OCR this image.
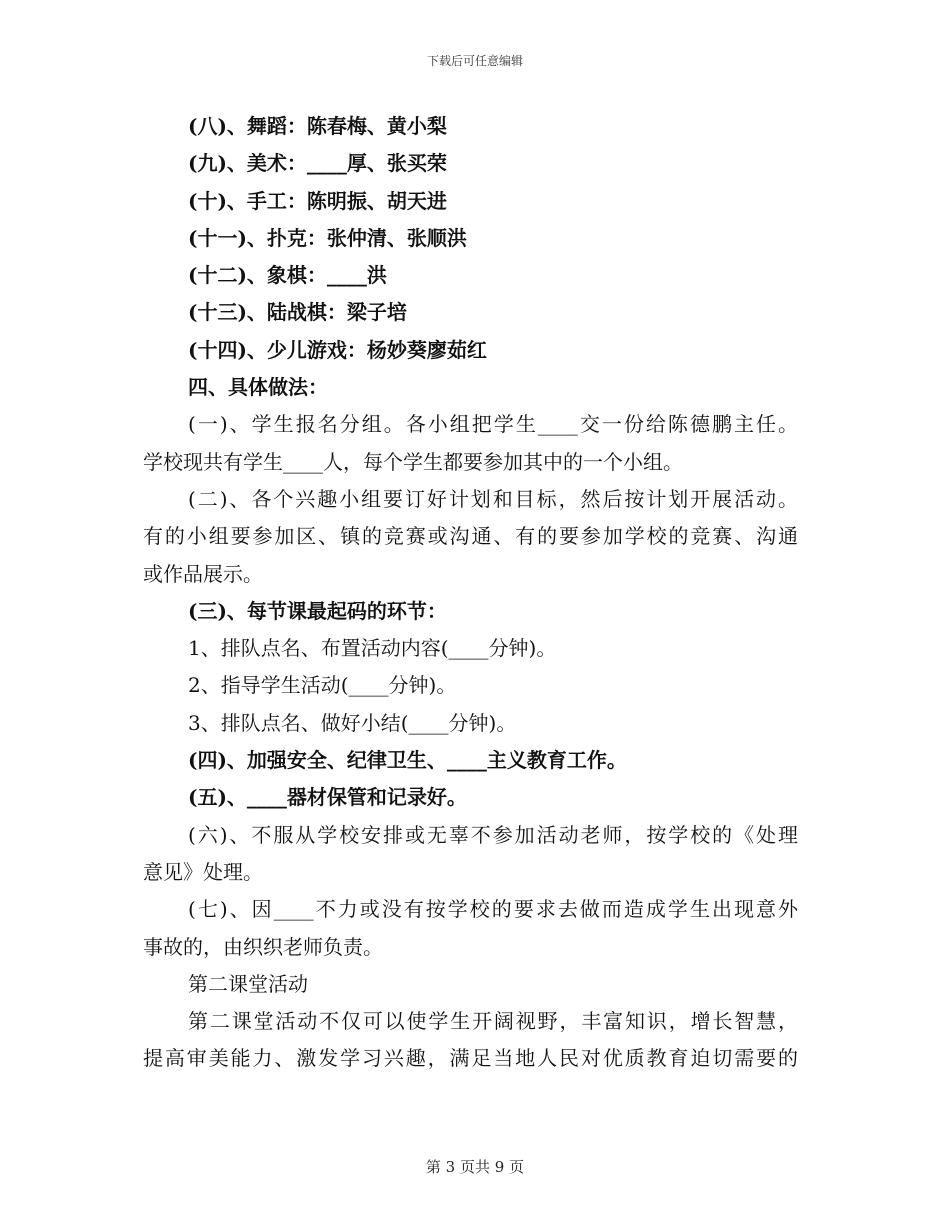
下载后可任意编辑
(八)、舞蹈：陈春梅、黄小梨
(九)、美术：____厚、张买荣
(十)、手工：陈明振、胡天进
(十一)、扑克：张仲清、张顺洪
(十二)、象棋：____洪
(十三)、陆战棋：梁子培
(十四)、少儿游戏：杨妙葵廖茹红
四、具体做法：
(一)、学生报名分组。各小组把学生____交一份给陈德鹏主任。
学校现共有学生____人，每个学生都要参加其中的一个小组。
(二)、各个兴趣小组要订好计划和目标，然后按计划开展活动。
有的小组要参加区、镇的竞赛或沟通、有的要参加学校的竞赛、沟通
或作品展示。
(三)、每节课最起码的环节：
1、排队点名、布置活动内容(____分钟)。
2、指导学生活动(____分钟)。
3、排队点名、做好小结(____分钟)。
(四)、加强安全、纪律卫生、____主义教育工作。
(五)、____器材保管和记录好。
(六)、不服从学校安排或无辜不参加活动老师，按学校的《处理
意见》处理。
(七)、因____不力或没有按学校的要求去做而造成学生出现意外
事故的，由织织老师负责。
第二课堂活动
第二课堂活动不仅可以使学生开阔视野，丰富知识，增长智慧，
提高审美能力、激发学习兴趣，满足当地人民对优质教育迫切需要的
第 3 页共 9 页
